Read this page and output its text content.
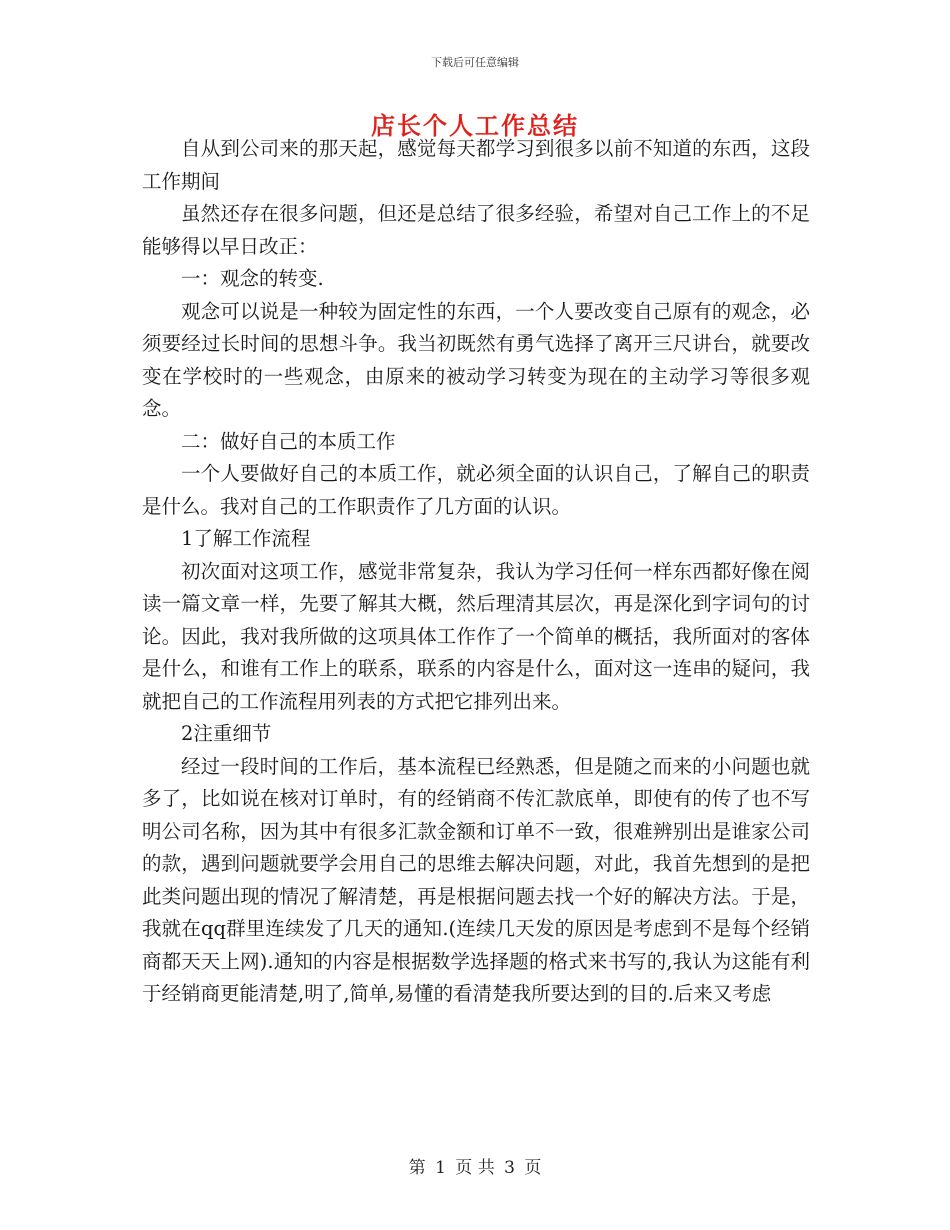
下载后可任意编辑
店长个人工作总结

自从到公司来的那天起，感觉每天都学习到很多以前不知道的东西，这段工作期间

虽然还存在很多问题，但还是总结了很多经验，希望对自己工作上的不足能够得以早日改正：

一：观念的转变.

观念可以说是一种较为固定性的东西，一个人要改变自己原有的观念，必须要经过长时间的思想斗争。我当初既然有勇气选择了离开三尺讲台，就要改变在学校时的一些观念，由原来的被动学习转变为现在的主动学习等很多观念。

二：做好自己的本质工作

一个人要做好自己的本质工作，就必须全面的认识自己，了解自己的职责是什么。我对自己的工作职责作了几方面的认识。

1了解工作流程

初次面对这项工作，感觉非常复杂，我认为学习任何一样东西都好像在阅读一篇文章一样，先要了解其大概，然后理清其层次，再是深化到字词句的讨论。因此，我对我所做的这项具体工作作了一个简单的概括，我所面对的客体是什么，和谁有工作上的联系，联系的内容是什么，面对这一连串的疑问，我就把自己的工作流程用列表的方式把它排列出来。

2注重细节

经过一段时间的工作后，基本流程已经熟悉，但是随之而来的小问题也就多了，比如说在核对订单时，有的经销商不传汇款底单，即使有的传了也不写明公司名称，因为其中有很多汇款金额和订单不一致，很难辨别出是谁家公司的款，遇到问题就要学会用自己的思维去解决问题，对此，我首先想到的是把此类问题出现的情况了解清楚，再是根据问题去找一个好的解决方法。于是，我就在qq群里连续发了几天的通知.(连续几天发的原因是考虑到不是每个经销商都天天上网).通知的内容是根据数学选择题的格式来书写的,我认为这能有利于经销商更能清楚,明了,简单,易懂的看清楚我所要达到的目的.后来又考虑

第 1 页 共 3 页
